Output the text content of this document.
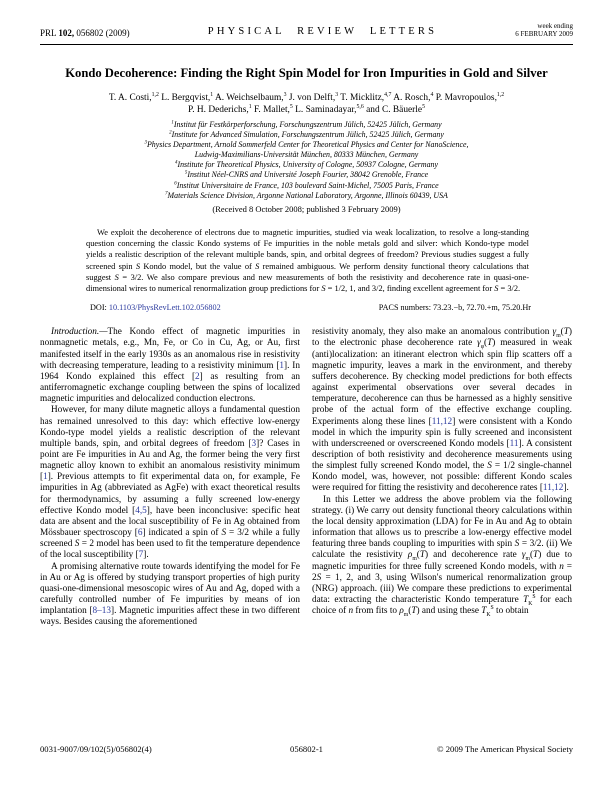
PRL 102, 056802 (2009)	PHYSICAL REVIEW LETTERS	week ending
6 FEBRUARY 2009
Kondo Decoherence: Finding the Right Spin Model for Iron Impurities in Gold and Silver
T. A. Costi,$^{1,2}$ L. Bergqvist,$^1$ A. Weichselbaum,$^3$ J. von Delft,$^3$ T. Micklitz,$^{4,7}$ A. Rosch,$^4$ P. Mavropoulos,$^{1,2}$
P. H. Dederichs,$^1$ F. Mallet,$^5$ L. Saminadayar,$^{5,6}$ and C. Bäuerle$^5$
$^1$Institut für Festkörperforschung, Forschungszentrum Jülich, 52425 Jülich, Germany
$^2$Institute for Advanced Simulation, Forschungszentrum Jülich, 52425 Jülich, Germany
$^3$Physics Department, Arnold Sommerfeld Center for Theoretical Physics and Center for NanoScience,
Ludwig-Maximilians-Universität München, 80333 München, Germany
$^4$Institute for Theoretical Physics, University of Cologne, 50937 Cologne, Germany
$^5$Institut Néel-CNRS and Université Joseph Fourier, 38042 Grenoble, France
$^6$Institut Universitaire de France, 103 boulevard Saint-Michel, 75005 Paris, France
$^7$Materials Science Division, Argonne National Laboratory, Argonne, Illinois 60439, USA
(Received 8 October 2008; published 3 February 2009)
We exploit the decoherence of electrons due to magnetic impurities, studied via weak localization, to resolve a long-standing question concerning the classic Kondo systems of Fe impurities in the noble metals gold and silver: which Kondo-type model yields a realistic description of the relevant multiple bands, spin, and orbital degrees of freedom? Previous studies suggest a fully screened spin S Kondo model, but the value of S remained ambiguous. We perform density functional theory calculations that suggest S = 3/2. We also compare previous and new measurements of both the resistivity and decoherence rate in quasi-one-dimensional wires to numerical renormalization group predictions for S = 1/2, 1, and 3/2, finding excellent agreement for S = 3/2.
DOI: 10.1103/PhysRevLett.102.056802	PACS numbers: 73.23.−b, 72.70.+m, 75.20.Hr

Introduction.—The Kondo effect of magnetic impurities in nonmagnetic metals, e.g., Mn, Fe, or Co in Cu, Ag, or Au, first manifested itself in the early 1930s as an anomalous rise in resistivity with decreasing temperature, leading to a resistivity minimum [1]. In 1964 Kondo explained this effect [2] as resulting from an antiferromagnetic exchange coupling between the spins of localized magnetic impurities and delocalized conduction electrons.

However, for many dilute magnetic alloys a fundamental question has remained unresolved to this day: which effective low-energy Kondo-type model yields a realistic description of the relevant multiple bands, spin, and orbital degrees of freedom [3]? Cases in point are Fe impurities in Au and Ag, the former being the very first magnetic alloy known to exhibit an anomalous resistivity minimum [1]. Previous attempts to fit experimental data on, for example, Fe impurities in Ag (abbreviated as AgFe) with exact theoretical results for thermodynamics, by assuming a fully screened low-energy effective Kondo model [4,5], have been inconclusive: specific heat data are absent and the local susceptibility of Fe in Ag obtained from Mössbauer spectroscopy [6] indicated a spin of S = 3/2 while a fully screened S = 2 model has been used to fit the temperature dependence of the local susceptibility [7].

A promising alternative route towards identifying the model for Fe in Au or Ag is offered by studying transport properties of high purity quasi-one-dimensional mesoscopic wires of Au and Ag, doped with a carefully controlled number of Fe impurities by means of ion implantation [8–13]. Magnetic impurities affect these in two different ways. Besides causing the aforementioned

resistivity anomaly, they also make an anomalous contribution $\gamma_m(T)$ to the electronic phase decoherence rate $\gamma_\varphi(T)$ measured in weak (anti)localization: an itinerant electron which spin flip scatters off a magnetic impurity, leaves a mark in the environment, and thereby suffers decoherence. By checking model predictions for both effects against experimental observations over several decades in temperature, decoherence can thus be harnessed as a highly sensitive probe of the actual form of the effective exchange coupling. Experiments along these lines [11,12] were consistent with a Kondo model in which the impurity spin is fully screened and inconsistent with underscreened or overscreened Kondo models [11]. A consistent description of both resistivity and decoherence measurements using the simplest fully screened Kondo model, the S = 1/2 single-channel Kondo model, was, however, not possible: different Kondo scales were required for fitting the resistivity and decoherence rates [11,12].

In this Letter we address the above problem via the following strategy. (i) We carry out density functional theory calculations within the local density approximation (LDA) for Fe in Au and Ag to obtain information that allows us to prescribe a low-energy effective model featuring three bands coupling to impurities with spin S = 3/2. (ii) We calculate the resistivity $\rho_m(T)$ and decoherence rate $\gamma_m(T)$ due to magnetic impurities for three fully screened Kondo models, with n = 2S = 1, 2, and 3, using Wilson's numerical renormalization group (NRG) approach. (iii) We compare these predictions to experimental data: extracting the characteristic Kondo temperature $T_K^S$ for each choice of n from fits to $\rho_m(T)$ and using these $T_K^S$ to obtain

0031-9007/09/102(5)/056802(4)	056802-1	© 2009 The American Physical Society
